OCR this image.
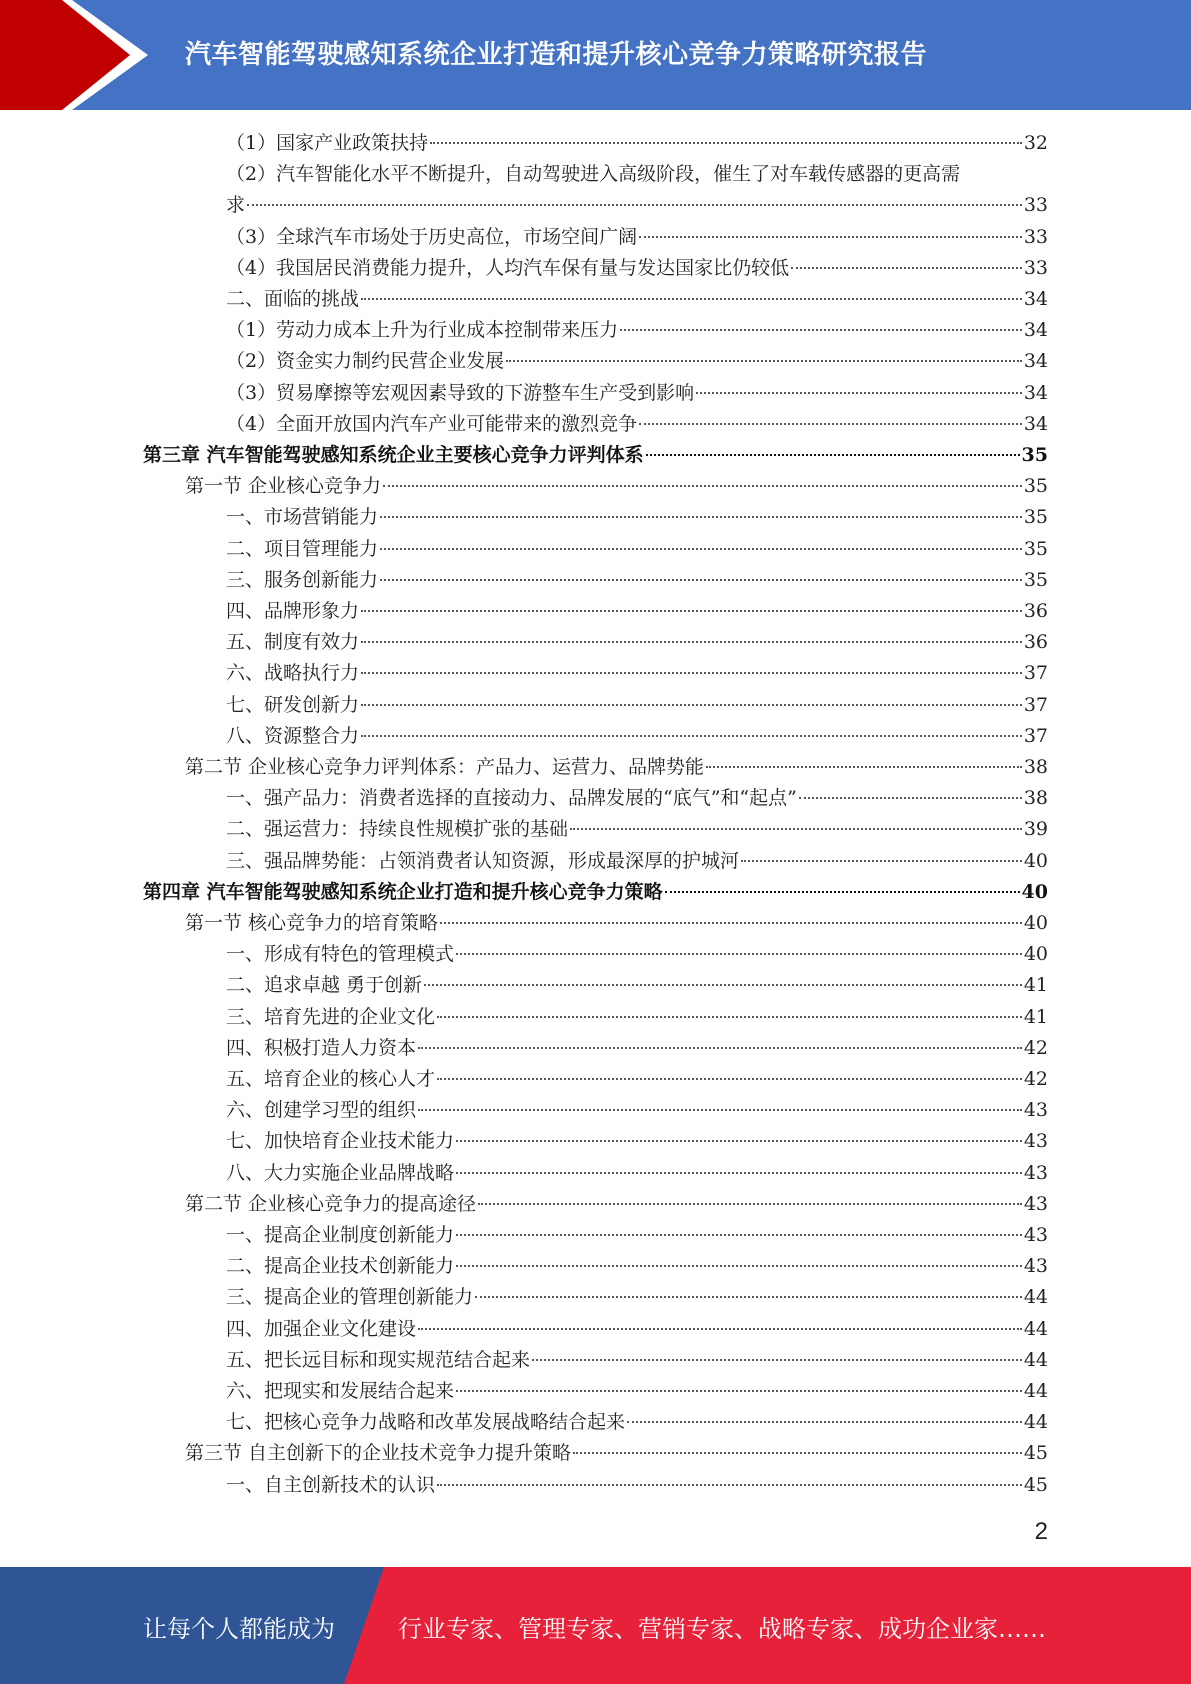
汽车智能驾驶感知系统企业打造和提升核心竞争力策略研究报告
（1）国家产业政策扶持	32
（2）汽车智能化水平不断提升，自动驾驶进入高级阶段，催生了对车载传感器的更高需
求	33
（3）全球汽车市场处于历史高位，市场空间广阔	33
（4）我国居民消费能力提升，人均汽车保有量与发达国家比仍较低	33
二、面临的挑战	34
（1）劳动力成本上升为行业成本控制带来压力	34
（2）资金实力制约民营企业发展	34
（3）贸易摩擦等宏观因素导致的下游整车生产受到影响	34
（4）全面开放国内汽车产业可能带来的激烈竞争	34
第三章 汽车智能驾驶感知系统企业主要核心竞争力评判体系	35
第一节 企业核心竞争力	35
一、市场营销能力	35
二、项目管理能力	35
三、服务创新能力	35
四、品牌形象力	36
五、制度有效力	36
六、战略执行力	37
七、研发创新力	37
八、资源整合力	37
第二节 企业核心竞争力评判体系：产品力、运营力、品牌势能	38
一、强产品力：消费者选择的直接动力、品牌发展的“底气”和“起点”	38
二、强运营力：持续良性规模扩张的基础	39
三、强品牌势能：占领消费者认知资源，形成最深厚的护城河	40
第四章 汽车智能驾驶感知系统企业打造和提升核心竞争力策略	40
第一节 核心竞争力的培育策略	40
一、形成有特色的管理模式	40
二、追求卓越 勇于创新	41
三、培育先进的企业文化	41
四、积极打造人力资本	42
五、培育企业的核心人才	42
六、创建学习型的组织	43
七、加快培育企业技术能力	43
八、大力实施企业品牌战略	43
第二节 企业核心竞争力的提高途径	43
一、提高企业制度创新能力	43
二、提高企业技术创新能力	43
三、提高企业的管理创新能力	44
四、加强企业文化建设	44
五、把长远目标和现实规范结合起来	44
六、把现实和发展结合起来	44
七、把核心竞争力战略和改革发展战略结合起来	44
第三节 自主创新下的企业技术竞争力提升策略	45
一、自主创新技术的认识	45
2
让每个人都能成为	行业专家、管理专家、营销专家、战略专家、成功企业家……
